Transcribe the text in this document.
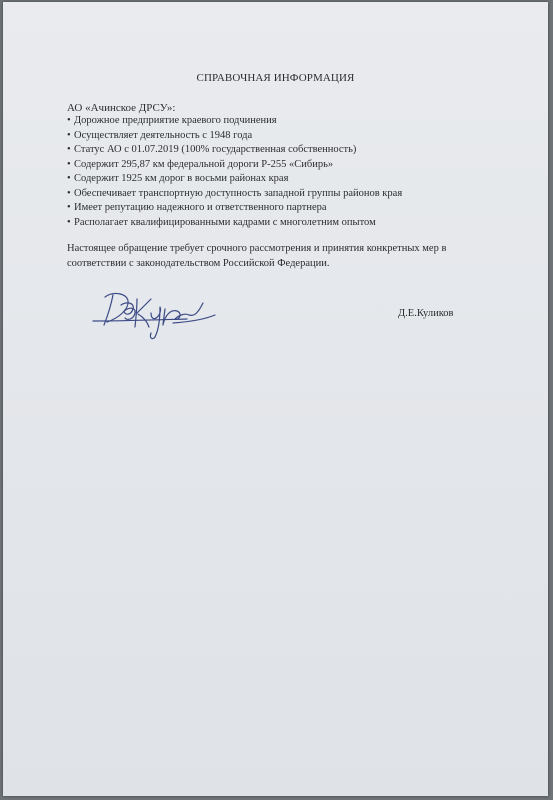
СПРАВОЧНАЯ ИНФОРМАЦИЯ

АО «Ачинское ДРСУ»:

• Дорожное предприятие краевого подчинения
• Осуществляет деятельность с 1948 года
• Статус АО с 01.07.2019 (100% государственная собственность)
• Содержит 295,87 км федеральной дороги Р-255 «Сибирь»
• Содержит 1925 км дорог в восьми районах края
• Обеспечивает транспортную доступность западной группы районов края
• Имеет репутацию надежного и ответственного партнера
• Располагает квалифицированными кадрами с многолетним опытом

Настоящее обращение требует срочного рассмотрения и принятия конкретных мер в
соответствии с законодательством Российской Федерации.

Д.Е.Куликов
